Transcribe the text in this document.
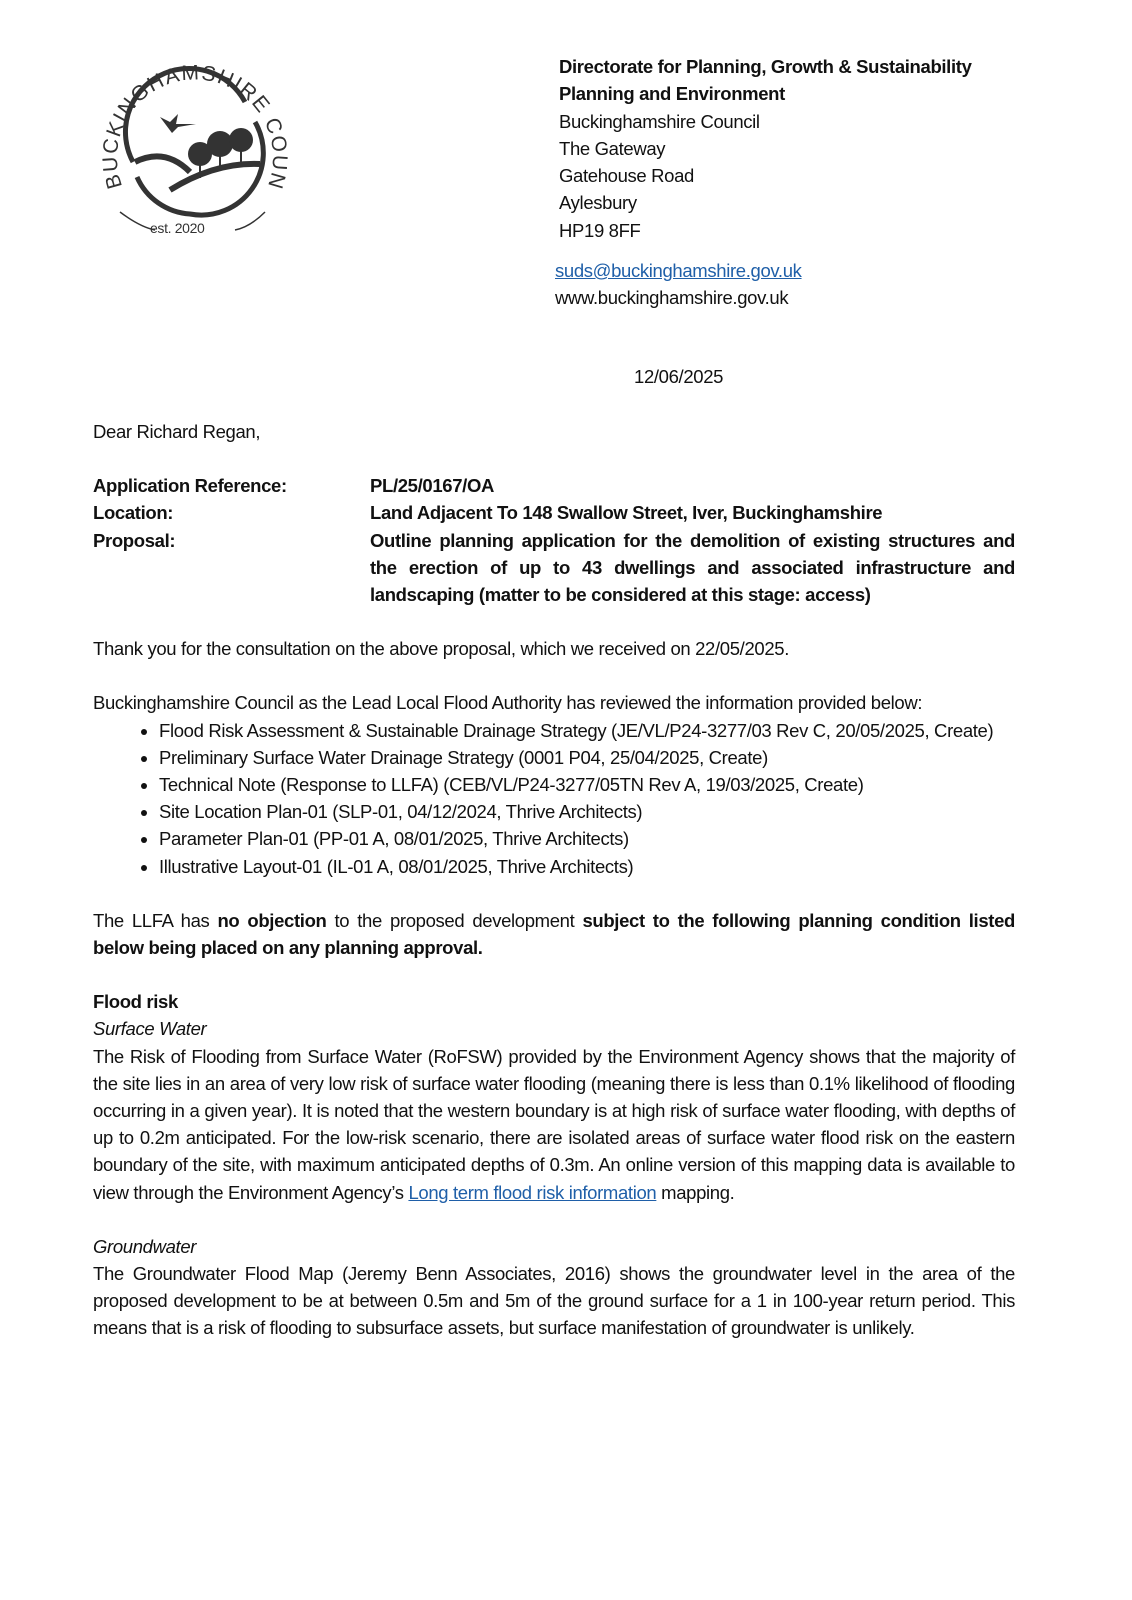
BUCKINGHAMSHIRE COUN
est. 2020
Directorate for Planning, Growth & Sustainability
Planning and Environment
Buckinghamshire Council
The Gateway
Gatehouse Road
Aylesbury
HP19 8FF
suds@buckinghamshire.gov.uk
www.buckinghamshire.gov.uk
12/06/2025

Dear Richard Regan,

Application Reference:	PL/25/0167/OA
Location:	Land Adjacent To 148 Swallow Street, Iver, Buckinghamshire
Proposal:	Outline planning application for the demolition of existing structures and the erection of up to 43 dwellings and associated infrastructure and landscaping (matter to be considered at this stage: access)

Thank you for the consultation on the above proposal, which we received on 22/05/2025.

Buckinghamshire Council as the Lead Local Flood Authority has reviewed the information provided below:

• Flood Risk Assessment & Sustainable Drainage Strategy (JE/VL/P24-3277/03 Rev C, 20/05/2025, Create)
• Preliminary Surface Water Drainage Strategy (0001 P04, 25/04/2025, Create)
• Technical Note (Response to LLFA) (CEB/VL/P24-3277/05TN Rev A, 19/03/2025, Create)
• Site Location Plan-01 (SLP-01, 04/12/2024, Thrive Architects)
• Parameter Plan-01 (PP-01 A, 08/01/2025, Thrive Architects)
• Illustrative Layout-01 (IL-01 A, 08/01/2025, Thrive Architects)

The LLFA has no objection to the proposed development subject to the following planning condition listed below being placed on any planning approval.

Flood risk

Surface Water

The Risk of Flooding from Surface Water (RoFSW) provided by the Environment Agency shows that the majority of the site lies in an area of very low risk of surface water flooding (meaning there is less than 0.1% likelihood of flooding occurring in a given year). It is noted that the western boundary is at high risk of surface water flooding, with depths of up to 0.2m anticipated. For the low-risk scenario, there are isolated areas of surface water flood risk on the eastern boundary of the site, with maximum anticipated depths of 0.3m. An online version of this mapping data is available to view through the Environment Agency’s Long term flood risk information mapping.

Groundwater

The Groundwater Flood Map (Jeremy Benn Associates, 2016) shows the groundwater level in the area of the proposed development to be at between 0.5m and 5m of the ground surface for a 1 in 100-year return period. This means that is a risk of flooding to subsurface assets, but surface manifestation of groundwater is unlikely.
